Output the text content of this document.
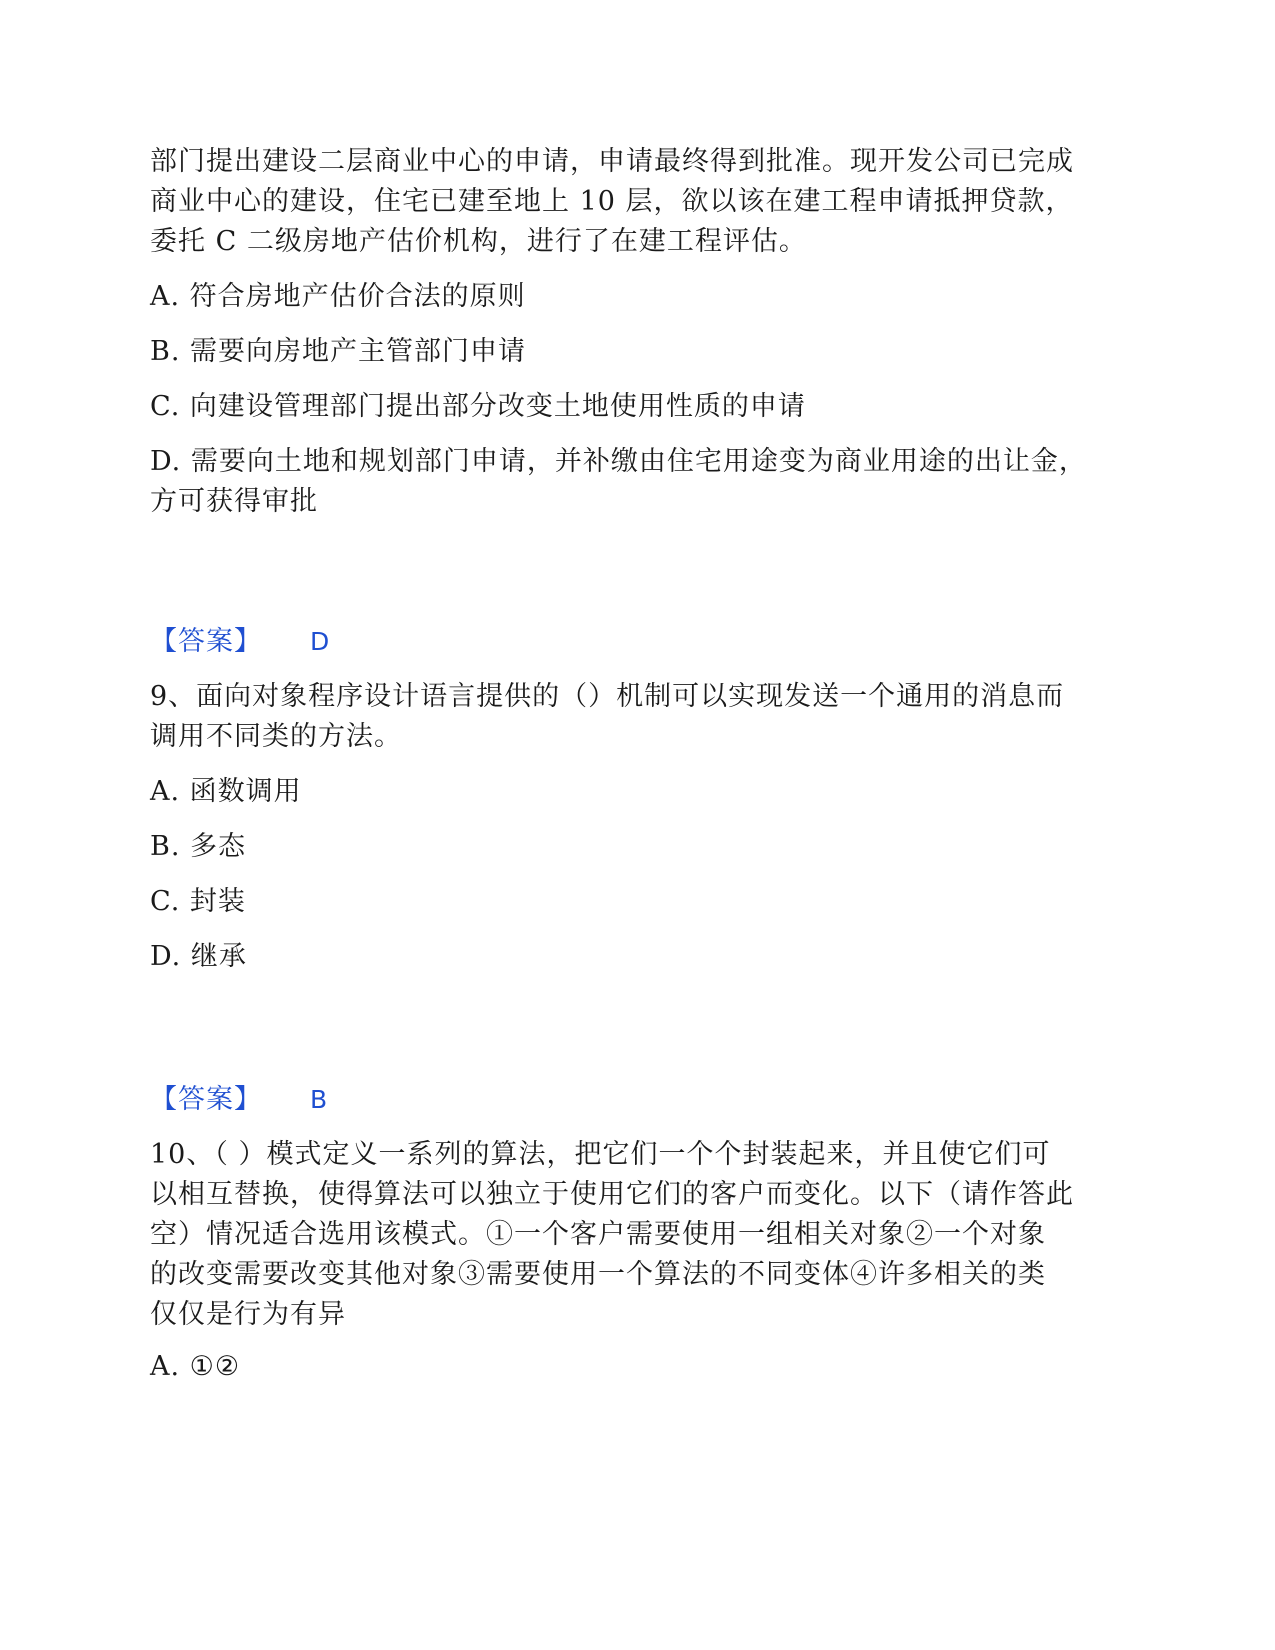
部门提出建设二层商业中心的申请，申请最终得到批准。现开发公司已完成
商业中心的建设，住宅已建至地上 10 层，欲以该在建工程申请抵押贷款，
委托 C 二级房地产估价机构，进行了在建工程评估。
A. 符合房地产估价合法的原则
B. 需要向房地产主管部门申请
C. 向建设管理部门提出部分改变土地使用性质的申请
D. 需要向土地和规划部门申请，并补缴由住宅用途变为商业用途的出让金，
方可获得审批
【答案】 D
9、面向对象程序设计语言提供的（）机制可以实现发送一个通用的消息而
调用不同类的方法。
A. 函数调用
B. 多态
C. 封装
D. 继承
【答案】 B
10、（ ）模式定义一系列的算法，把它们一个个封装起来，并且使它们可
以相互替换，使得算法可以独立于使用它们的客户而变化。以下（请作答此
空）情况适合选用该模式。①一个客户需要使用一组相关对象②一个对象
的改变需要改变其他对象③需要使用一个算法的不同变体④许多相关的类
仅仅是行为有异
A. ①②
